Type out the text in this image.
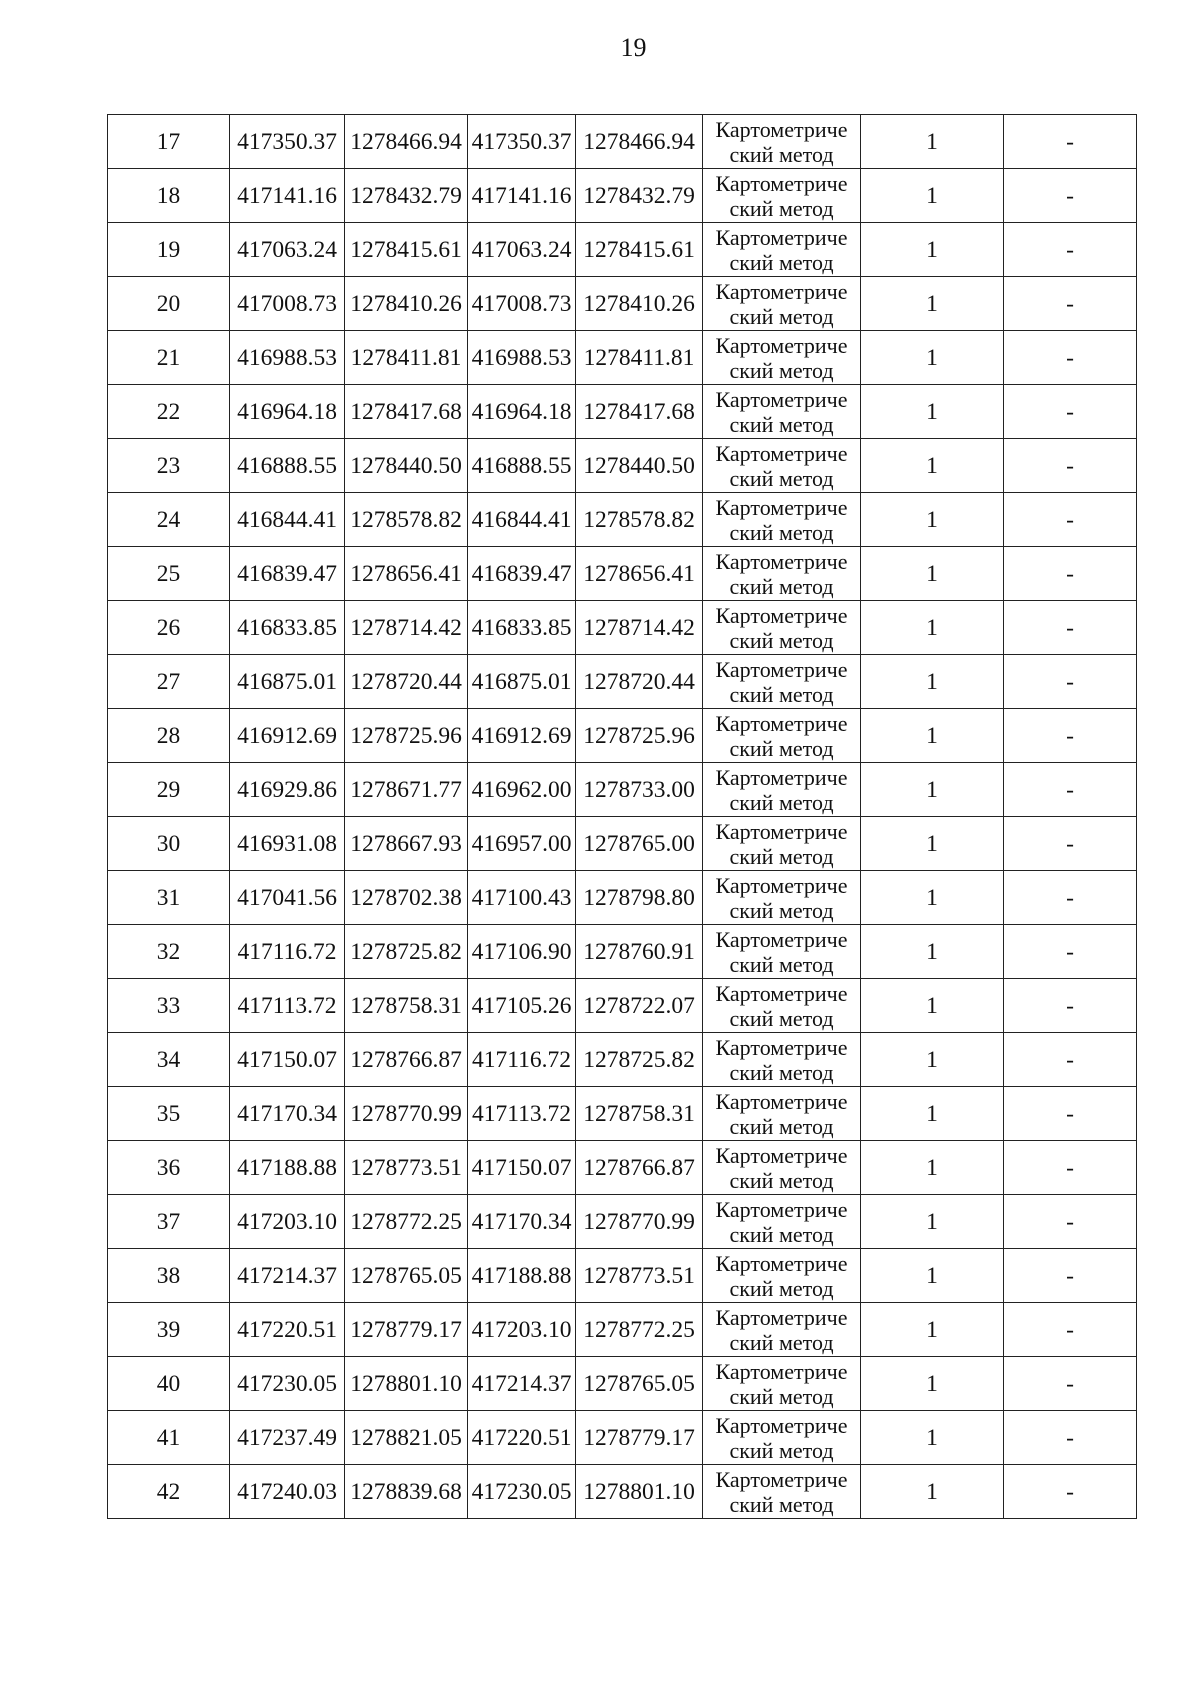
19
17	417350.37	1278466.94	417350.37	1278466.94	Картометриче
ский метод	1	-
18	417141.16	1278432.79	417141.16	1278432.79	Картометриче
ский метод	1	-
19	417063.24	1278415.61	417063.24	1278415.61	Картометриче
ский метод	1	-
20	417008.73	1278410.26	417008.73	1278410.26	Картометриче
ский метод	1	-
21	416988.53	1278411.81	416988.53	1278411.81	Картометриче
ский метод	1	-
22	416964.18	1278417.68	416964.18	1278417.68	Картометриче
ский метод	1	-
23	416888.55	1278440.50	416888.55	1278440.50	Картометриче
ский метод	1	-
24	416844.41	1278578.82	416844.41	1278578.82	Картометриче
ский метод	1	-
25	416839.47	1278656.41	416839.47	1278656.41	Картометриче
ский метод	1	-
26	416833.85	1278714.42	416833.85	1278714.42	Картометриче
ский метод	1	-
27	416875.01	1278720.44	416875.01	1278720.44	Картометриче
ский метод	1	-
28	416912.69	1278725.96	416912.69	1278725.96	Картометриче
ский метод	1	-
29	416929.86	1278671.77	416962.00	1278733.00	Картометриче
ский метод	1	-
30	416931.08	1278667.93	416957.00	1278765.00	Картометриче
ский метод	1	-
31	417041.56	1278702.38	417100.43	1278798.80	Картометриче
ский метод	1	-
32	417116.72	1278725.82	417106.90	1278760.91	Картометриче
ский метод	1	-
33	417113.72	1278758.31	417105.26	1278722.07	Картометриче
ский метод	1	-
34	417150.07	1278766.87	417116.72	1278725.82	Картометриче
ский метод	1	-
35	417170.34	1278770.99	417113.72	1278758.31	Картометриче
ский метод	1	-
36	417188.88	1278773.51	417150.07	1278766.87	Картометриче
ский метод	1	-
37	417203.10	1278772.25	417170.34	1278770.99	Картометриче
ский метод	1	-
38	417214.37	1278765.05	417188.88	1278773.51	Картометриче
ский метод	1	-
39	417220.51	1278779.17	417203.10	1278772.25	Картометриче
ский метод	1	-
40	417230.05	1278801.10	417214.37	1278765.05	Картометриче
ский метод	1	-
41	417237.49	1278821.05	417220.51	1278779.17	Картометриче
ский метод	1	-
42	417240.03	1278839.68	417230.05	1278801.10	Картометриче
ский метод	1	-
